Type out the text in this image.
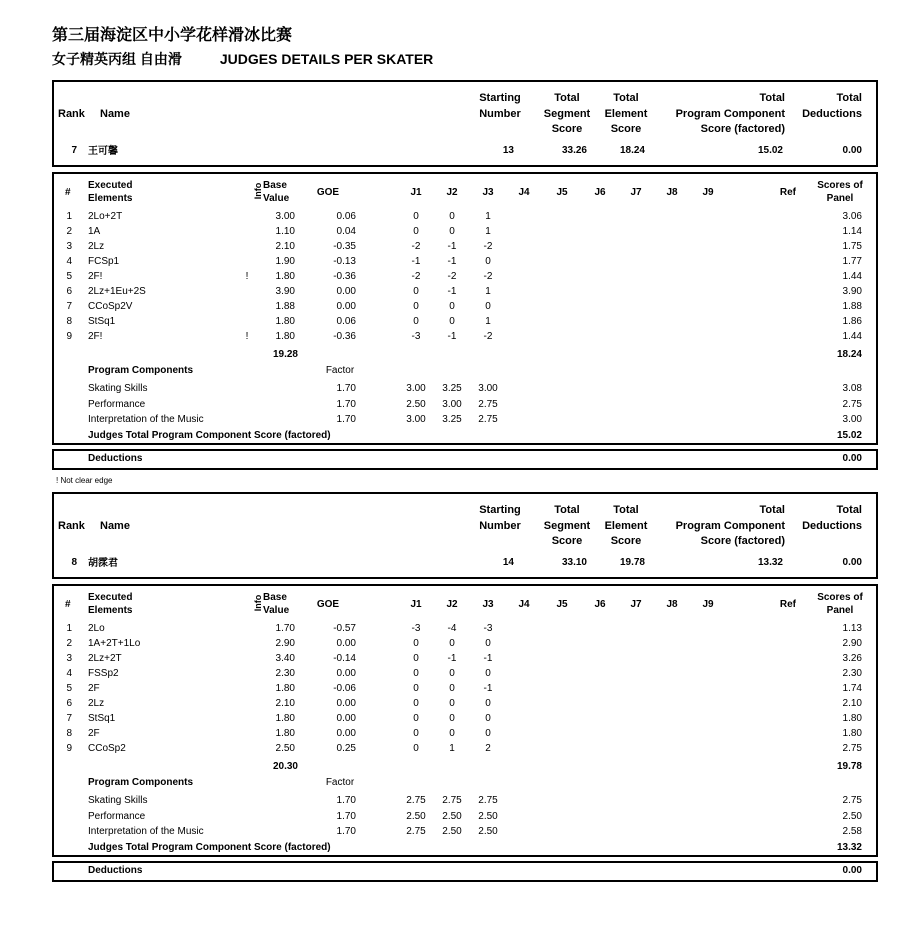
第三届海淀区中小学花样滑冰比赛
女子精英丙组 自由滑	JUDGES DETAILS PER SKATER
Rank Name
Starting
Number
Total
Segment
Score
Total
Element
Score
Total
Program Component
Score (factored)
Total
Deductions
7 王可馨	13	33.26	18.24	15.02	0.00
#
Executed
Elements	Info Base
Value
GOE	J1	J2	J3	J4	J5	J6	J7	J8	J9	Ref
Scores of
Panel
1 2Lo+2T	3.00	0.06	0	0	1	3.06
2 1A	1.10	0.04	0	0	1	1.14
3 2Lz	2.10	-0.35	-2	-1	-2	1.75
4 FCSp1	1.90	-0.13	-1	-1	0	1.77
5 2F!	!	1.80	-0.36	-2	-2	-2	1.44
6 2Lz+1Eu+2S	3.90	0.00	0	-1	1	3.90
7 CCoSp2V	1.88	0.00	0	0	0	1.88
8 StSq1	1.80	0.06	0	0	1	1.86
9 2F!	!	1.80	-0.36	-3	-1	-2	1.44
19.28	18.24
Program Components	Factor
Skating Skills	1.70	3.00	3.25	3.00	3.08
Performance	1.70	2.50	3.00	2.75	2.75
Interpretation of the Music	1.70	3.00	3.25	2.75	3.00
Judges Total Program Component Score (factored)	15.02
Deductions	0.00
Rank Name
Starting
Number
Total
Segment
Score
Total
Element
Score
Total
Program Component
Score (factored)
Total
Deductions
8 胡霂君	14	33.10	19.78	13.32	0.00
#
Executed
Elements	Info Base
Value
GOE	J1	J2	J3	J4	J5	J6	J7	J8	J9	Ref
Scores of
Panel
1 2Lo	1.70	-0.57	-3	-4	-3	1.13
2 1A+2T+1Lo	2.90	0.00	0	0	0	2.90
3 2Lz+2T	3.40	-0.14	0	-1	-1	3.26
4 FSSp2	2.30	0.00	0	0	0	2.30
5 2F	1.80	-0.06	0	0	-1	1.74
6 2Lz	2.10	0.00	0	0	0	2.10
7 StSq1	1.80	0.00	0	0	0	1.80
8 2F	1.80	0.00	0	0	0	1.80
9 CCoSp2	2.50	0.25	0	1	2	2.75
20.30	19.78
Program Components	Factor
Skating Skills	1.70	2.75	2.75	2.75	2.75
Performance	1.70	2.50	2.50	2.50	2.50
Interpretation of the Music	1.70	2.75	2.50	2.50	2.58
Judges Total Program Component Score (factored)	13.32
Deductions	0.00
! Not clear edge
